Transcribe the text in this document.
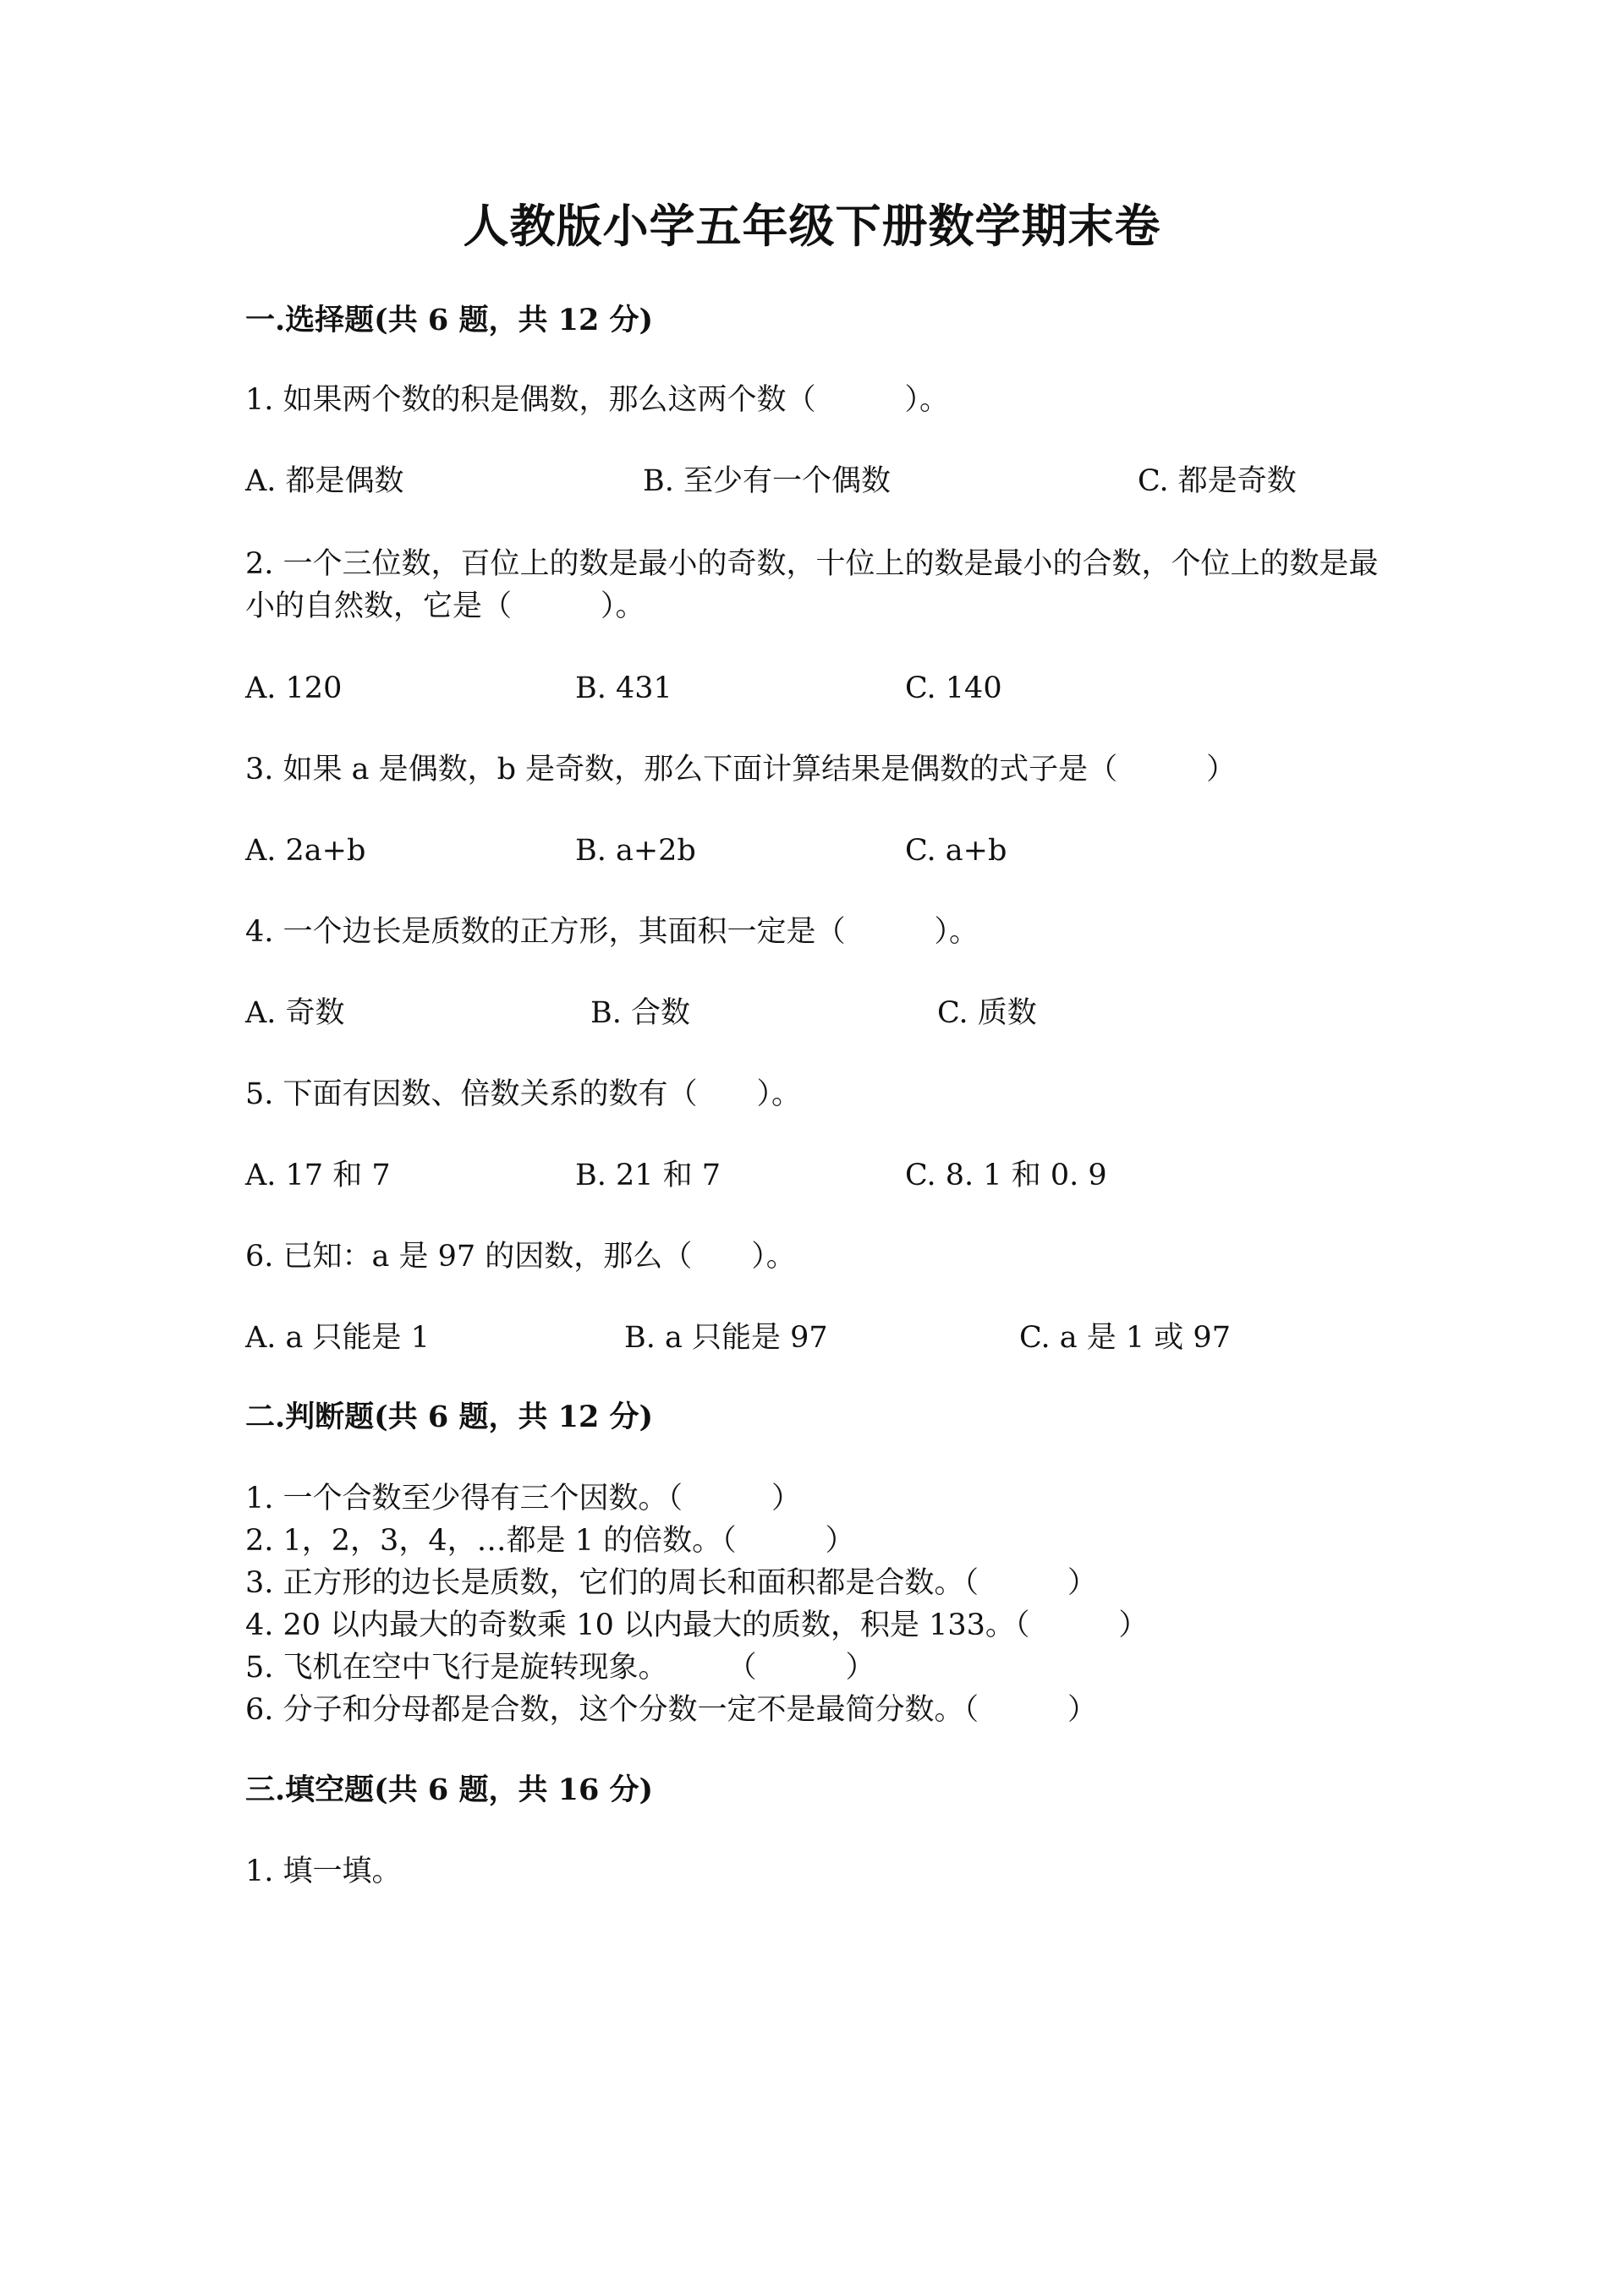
人教版小学五年级下册数学期末卷
一.选择题(共 6 题，共 12 分)
1. 如果两个数的积是偶数，那么这两个数（　　　）。
A. 都是偶数	B. 至少有一个偶数	C. 都是奇数
2. 一个三位数，百位上的数是最小的奇数，十位上的数是最小的合数，个位上的数是最小的自然数，它是（　　　）。
A. 120	B. 431	C. 140
3. 如果 a 是偶数，b 是奇数，那么下面计算结果是偶数的式子是（　　　）
A. 2a+b	B. a+2b	C. a+b
4. 一个边长是质数的正方形，其面积一定是（　　　）。
A. 奇数	B. 合数	C. 质数
5. 下面有因数、倍数关系的数有（　　）。
A. 17 和 7	B. 21 和 7	C. 8. 1 和 0. 9
6. 已知：a 是 97 的因数，那么（　　）。
A. a 只能是 1	B. a 只能是 97	C. a 是 1 或 97
二.判断题(共 6 题，共 12 分)
1. 一个合数至少得有三个因数。（　　　）
2. 1，2，3，4，…都是 1 的倍数。（　　　）
3. 正方形的边长是质数，它们的周长和面积都是合数。（　　　）
4. 20 以内最大的奇数乘 10 以内最大的质数，积是 133。（　　　）
5. 飞机在空中飞行是旋转现象。　　　（　　　）
6. 分子和分母都是合数，这个分数一定不是最简分数。（　　　）
三.填空题(共 6 题，共 16 分)
1. 填一填。
